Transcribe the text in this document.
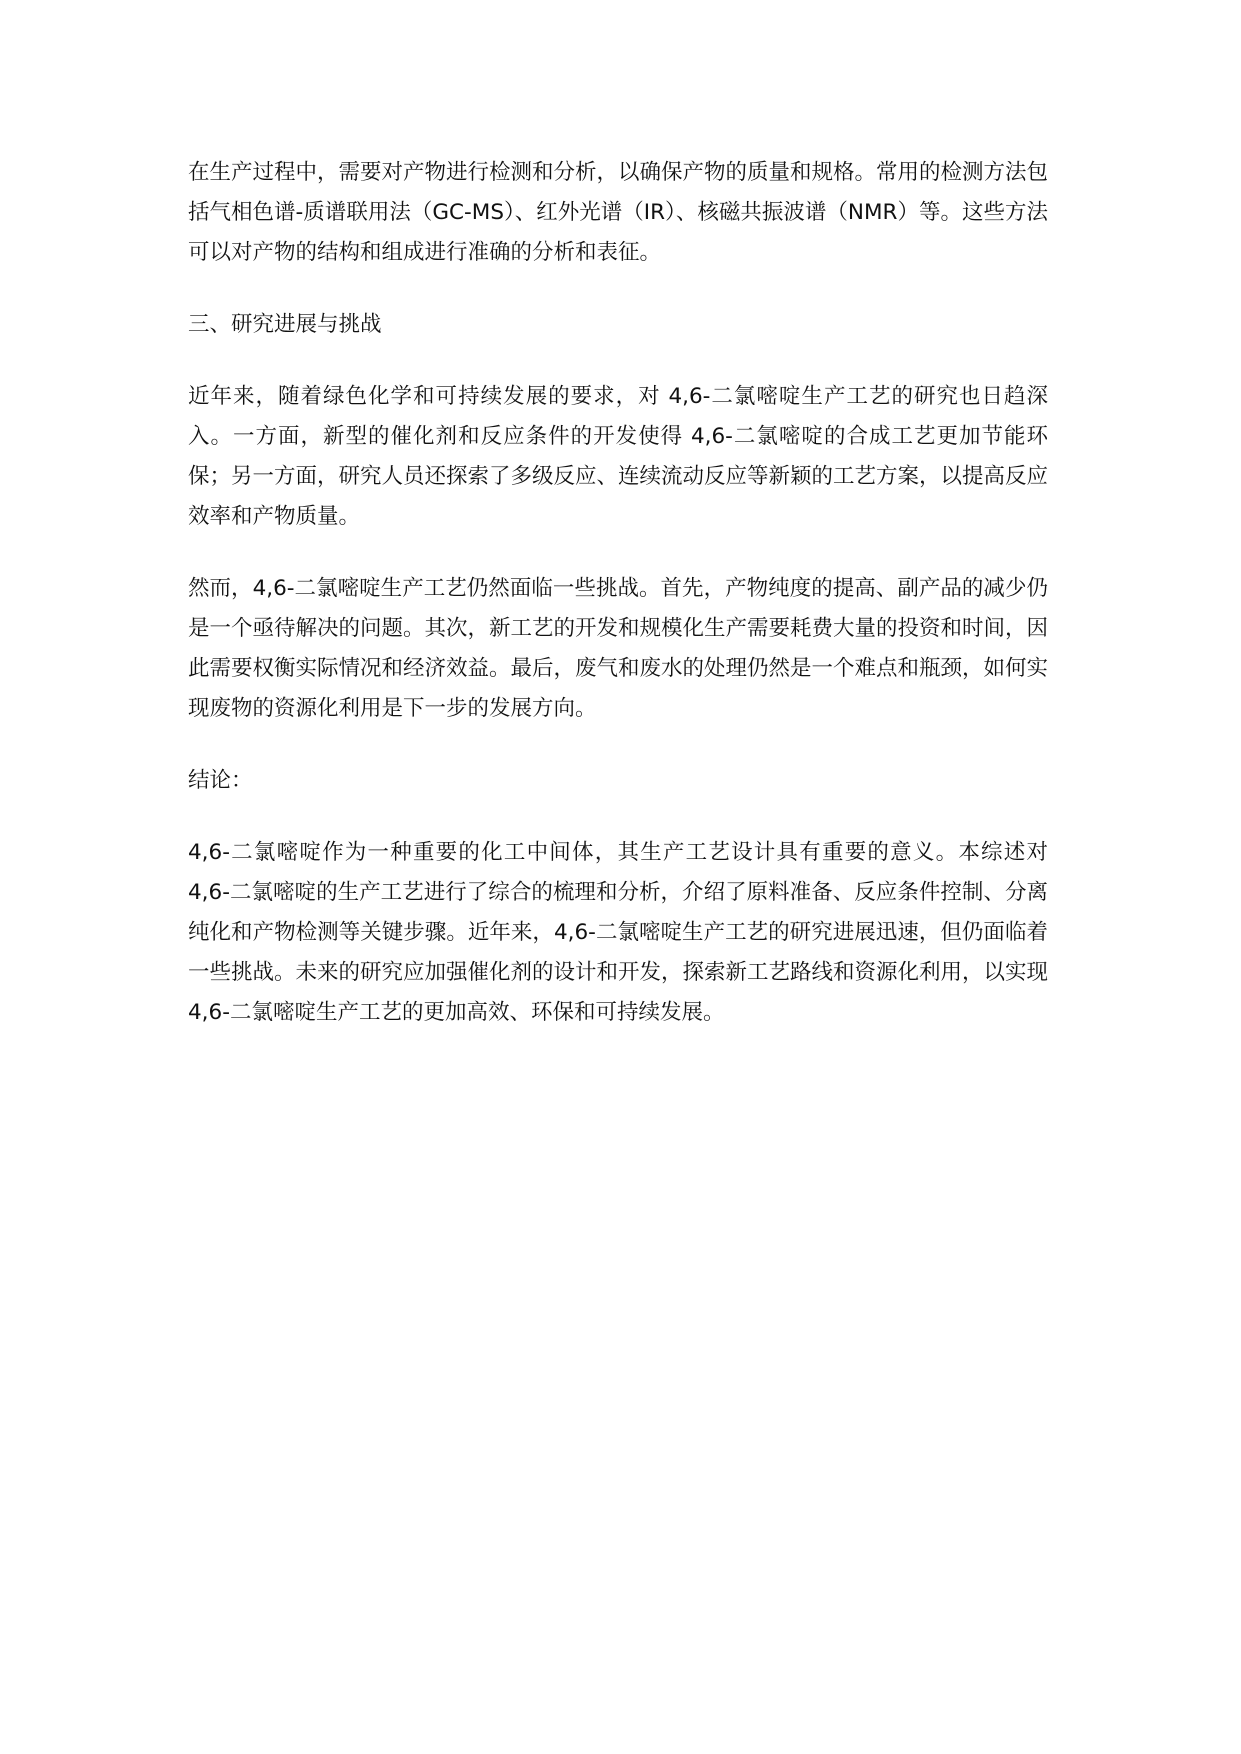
在生产过程中，需要对产物进行检测和分析，以确保产物的质量和规格。常用的检测方法包括气相色谱-质谱联用法（GC-MS）、红外光谱（IR）、核磁共振波谱（NMR）等。这些方法可以对产物的结构和组成进行准确的分析和表征。

三、研究进展与挑战

近年来，随着绿色化学和可持续发展的要求，对 4,6-二氯嘧啶生产工艺的研究也日趋深入。一方面，新型的催化剂和反应条件的开发使得 4,6-二氯嘧啶的合成工艺更加节能环保；另一方面，研究人员还探索了多级反应、连续流动反应等新颖的工艺方案，以提高反应效率和产物质量。

然而，4,6-二氯嘧啶生产工艺仍然面临一些挑战。首先，产物纯度的提高、副产品的减少仍是一个亟待解决的问题。其次，新工艺的开发和规模化生产需要耗费大量的投资和时间，因此需要权衡实际情况和经济效益。最后，废气和废水的处理仍然是一个难点和瓶颈，如何实现废物的资源化利用是下一步的发展方向。

结论：

4,6-二氯嘧啶作为一种重要的化工中间体，其生产工艺设计具有重要的意义。本综述对 4,6-二氯嘧啶的生产工艺进行了综合的梳理和分析，介绍了原料准备、反应条件控制、分离纯化和产物检测等关键步骤。近年来，4,6-二氯嘧啶生产工艺的研究进展迅速，但仍面临着一些挑战。未来的研究应加强催化剂的设计和开发，探索新工艺路线和资源化利用，以实现 4,6-二氯嘧啶生产工艺的更加高效、环保和可持续发展。
